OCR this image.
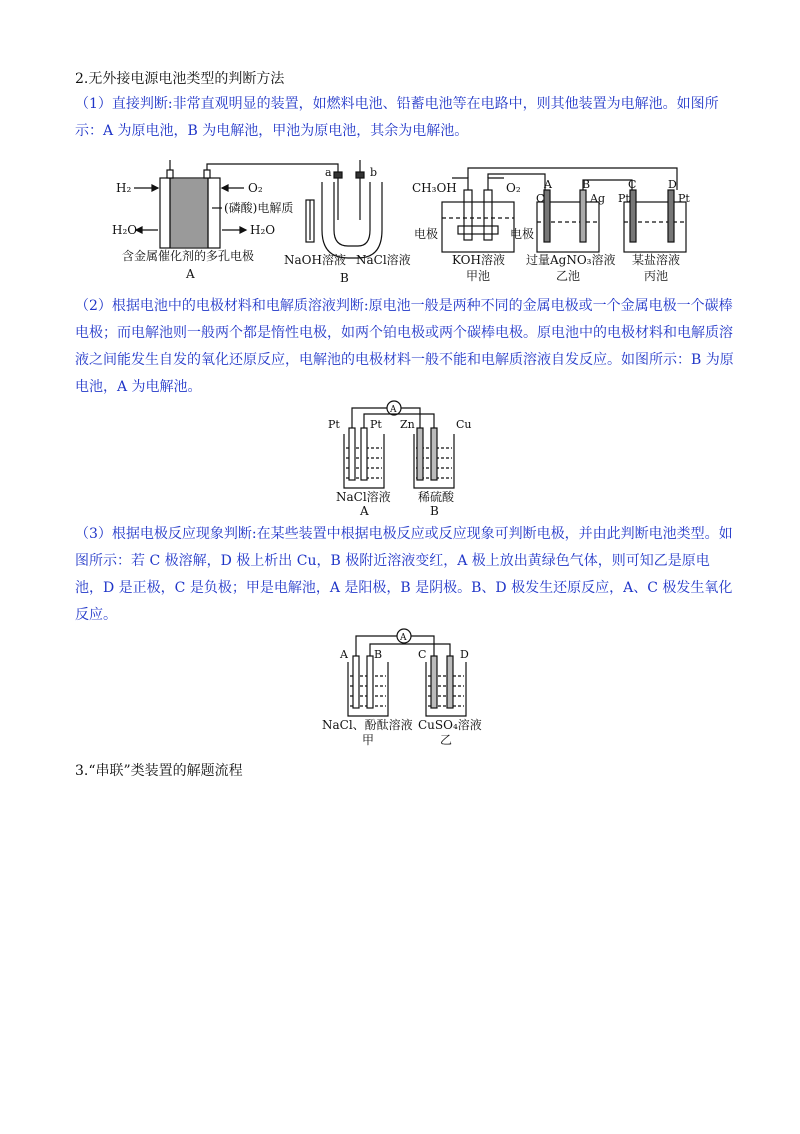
2.无外接电源电池类型的判断方法
（1）直接判断:非常直观明显的装置，如燃料电池、铅蓄电池等在电路中，则其他装置为电解池。如图所示：A 为原电池，B 为电解池，甲池为原电池，其余为电解池。
H₂	O₂
H₂O	H₂O
(磷酸)电解质
含金属催化剂的多孔电极
A
a	b
NaOH溶液 NaCl溶液
B
CH₃OH	O₂
电极	电极
KOH溶液
甲池
A	B	C	D
C	Ag Pt	Pt
过量AgNO₃溶液
乙池
某盐溶液
丙池
（2）根据电池中的电极材料和电解质溶液判断:原电池一般是两种不同的金属电极或一个金属电极一个碳棒电极；而电解池则一般两个都是惰性电极，如两个铂电极或两个碳棒电极。原电池中的电极材料和电解质溶液之间能发生自发的氧化还原反应，电解池的电极材料一般不能和电解质溶液自发反应。如图所示：B 为原电池，A 为电解池。
A
Pt	Pt Zn	Cu
NaCl溶液
A
稀硫酸
B
（3）根据电极反应现象判断:在某些装置中根据电极反应或反应现象可判断电极，并由此判断电池类型。如图所示：若 C 极溶解，D 极上析出 Cu，B 极附近溶液变红，A 极上放出黄绿色气体，则可知乙是原电池，D 是正极，C 是负极；甲是电解池，A 是阳极，B 是阴极。B、D 极发生还原反应，A、C 极发生氧化反应。
A
A B	C	D
NaCl、酚酞溶液
甲
CuSO₄溶液
乙
3.“串联”类装置的解题流程
